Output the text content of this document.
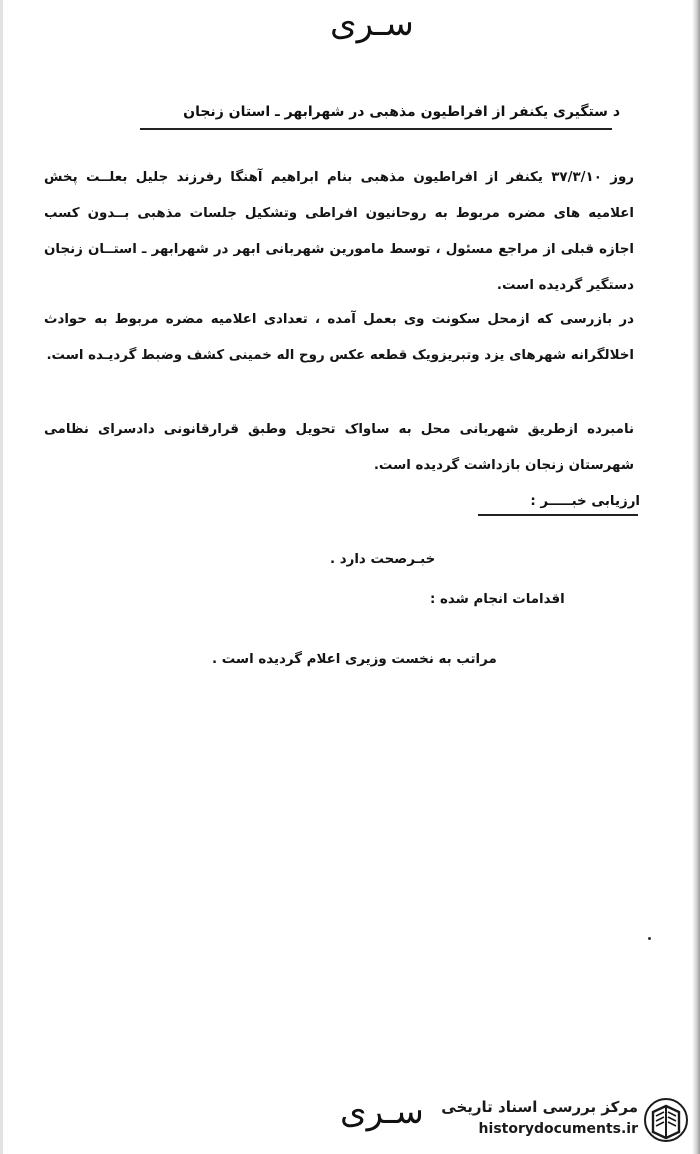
سـری
د ستگیری یکنفر از افراطیون مذهبی در شهرابهر ـ استان زنجان
روز ۳۷/۳/۱۰ یکنفر از افراطیون مذهبی بنام ابراهیم آهنگا رفرزند جلیل بعلــت پخش اعلامیه های مضره مربوط به روحانیون افراطی وتشکیل جلسات مذهبی بــدون کسب اجازه قبلی از مراجع مسئول ، توسط مامورین شهربانی ابهر در شهرابهر ـ استــان زنجان دستگیر گردیده است.
در بازرسی که ازمحل سکونت وی بعمل آمده ، تعدادی اعلامیه مضره مربوط به حوادث اخلالگرانه شهرهای یزد وتبریزویک قطعه عکس روح اله خمینی کشف وضبط گردیـده است.
نامبرده ازطریق شهربانی محل به ساواک تحویل وطبق قرارقانونی دادسرای نظامی شهرستان زنجان بازداشت گردیده است.
ارزیابی خبـــــر :
خبـرصحت دارد .
اقدامات انجام شده :
مراتب به نخست وزیری اعلام گردیده است .
سـری مرکز بررسی اسناد تاریخی
historydocuments.ir
